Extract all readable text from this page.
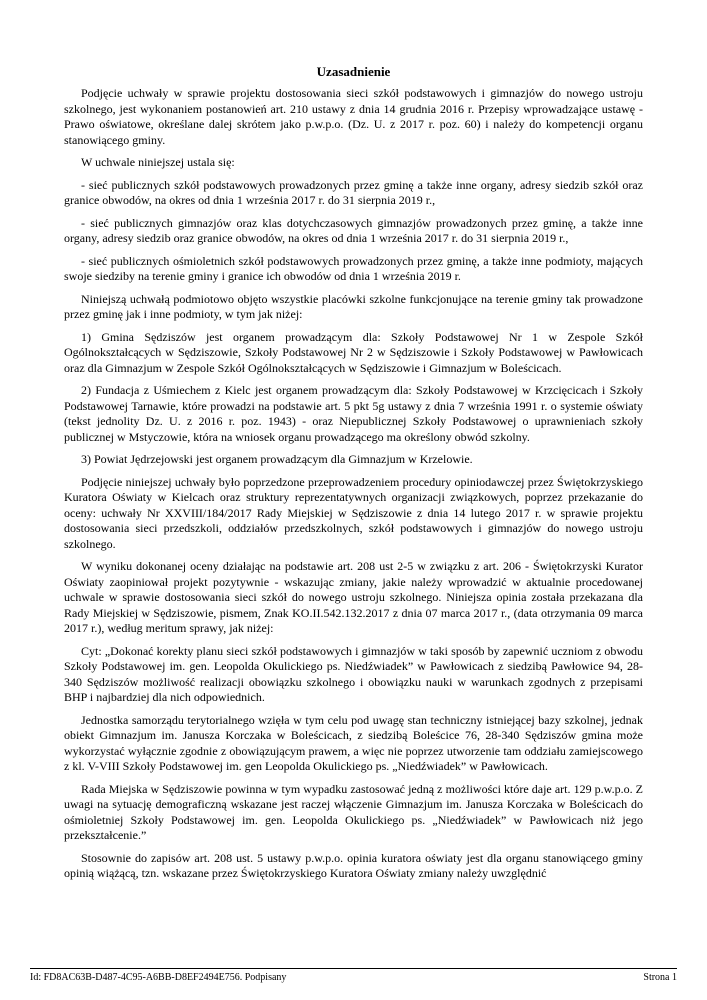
Uzasadnienie

Podjęcie uchwały w sprawie projektu dostosowania sieci szkół podstawowych i gimnazjów do nowego ustroju szkolnego, jest wykonaniem postanowień art. 210 ustawy z dnia 14 grudnia 2016 r. Przepisy wprowadzające ustawę - Prawo oświatowe, określane dalej skrótem jako p.w.p.o. (Dz. U. z 2017 r. poz. 60) i należy do kompetencji organu stanowiącego gminy.

W uchwale niniejszej ustala się:

- sieć publicznych szkół podstawowych prowadzonych przez gminę a także inne organy, adresy siedzib szkół oraz granice obwodów, na okres od dnia 1 września 2017 r. do 31 sierpnia 2019 r.,

- sieć publicznych gimnazjów oraz klas dotychczasowych gimnazjów prowadzonych przez gminę, a także inne organy, adresy siedzib oraz granice obwodów, na okres od dnia 1 września 2017 r. do 31 sierpnia 2019 r.,

- sieć publicznych ośmioletnich szkół podstawowych prowadzonych przez gminę, a także inne podmioty, mających swoje siedziby na terenie gminy i granice ich obwodów od dnia 1 września 2019 r.

Niniejszą uchwałą podmiotowo objęto wszystkie placówki szkolne funkcjonujące na terenie gminy tak prowadzone przez gminę jak i inne podmioty, w tym jak niżej:

1) Gmina Sędziszów jest organem prowadzącym dla: Szkoły Podstawowej Nr 1 w Zespole Szkół Ogólnokształcących w Sędziszowie, Szkoły Podstawowej Nr 2 w Sędziszowie i Szkoły Podstawowej w Pawłowicach oraz dla Gimnazjum w Zespole Szkół Ogólnokształcących w Sędziszowie i Gimnazjum w Boleścicach.

2) Fundacja z Uśmiechem z Kielc jest organem prowadzącym dla: Szkoły Podstawowej w Krzcięcicach i Szkoły Podstawowej Tarnawie, które prowadzi na podstawie art. 5 pkt 5g ustawy z dnia 7 września 1991 r. o systemie oświaty (tekst jednolity Dz. U. z 2016 r. poz. 1943) - oraz Niepublicznej Szkoły Podstawowej o uprawnieniach szkoły publicznej w Mstyczowie, która na wniosek organu prowadzącego ma określony obwód szkolny.

3) Powiat Jędrzejowski jest organem prowadzącym dla Gimnazjum w Krzelowie.

Podjęcie niniejszej uchwały było poprzedzone przeprowadzeniem procedury opiniodawczej przez Świętokrzyskiego Kuratora Oświaty w Kielcach oraz struktury reprezentatywnych organizacji związkowych, poprzez przekazanie do oceny: uchwały Nr XXVIII/184/2017 Rady Miejskiej w Sędziszowie z dnia 14 lutego 2017 r. w sprawie projektu dostosowania sieci przedszkoli, oddziałów przedszkolnych, szkół podstawowych i gimnazjów do nowego ustroju szkolnego.

W wyniku dokonanej oceny działając na podstawie art. 208 ust 2-5 w związku z art. 206 - Świętokrzyski Kurator Oświaty zaopiniował projekt pozytywnie - wskazując zmiany, jakie należy wprowadzić w aktualnie procedowanej uchwale w sprawie dostosowania sieci szkół do nowego ustroju szkolnego. Niniejsza opinia została przekazana dla Rady Miejskiej w Sędziszowie, pismem, Znak KO.II.542.132.2017 z dnia 07 marca 2017 r., (data otrzymania 09 marca 2017 r.), według meritum sprawy, jak niżej:

Cyt: „Dokonać korekty planu sieci szkół podstawowych i gimnazjów w taki sposób by zapewnić uczniom z obwodu Szkoły Podstawowej im. gen. Leopolda Okulickiego ps. Niedźwiadek” w Pawłowicach z siedzibą Pawłowice 94, 28-340 Sędziszów możliwość realizacji obowiązku szkolnego i obowiązku nauki w warunkach zgodnych z przepisami BHP i najbardziej dla nich odpowiednich.

Jednostka samorządu terytorialnego wzięła w tym celu pod uwagę stan techniczny istniejącej bazy szkolnej, jednak obiekt Gimnazjum im. Janusza Korczaka w Boleścicach, z siedzibą Boleścice 76, 28-340 Sędziszów gmina może wykorzystać wyłącznie zgodnie z obowiązującym prawem, a więc nie poprzez utworzenie tam oddziału zamiejscowego z kl. V-VIII Szkoły Podstawowej im. gen Leopolda Okulickiego ps. „Niedźwiadek” w Pawłowicach.

Rada Miejska w Sędziszowie powinna w tym wypadku zastosować jedną z możliwości które daje art. 129 p.w.p.o. Z uwagi na sytuację demograficzną wskazane jest raczej włączenie Gimnazjum im. Janusza Korczaka w Boleścicach do ośmioletniej Szkoły Podstawowej im. gen. Leopolda Okulickiego ps. „Niedźwiadek” w Pawłowicach niż jego przekształcenie.”

Stosownie do zapisów art. 208 ust. 5 ustawy p.w.p.o. opinia kuratora oświaty jest dla organu stanowiącego gminy opinią wiążącą, tzn. wskazane przez Świętokrzyskiego Kuratora Oświaty zmiany należy uwzględnić

Id: FD8AC63B-D487-4C95-A6BB-D8EF2494E756. Podpisany	Strona 1
